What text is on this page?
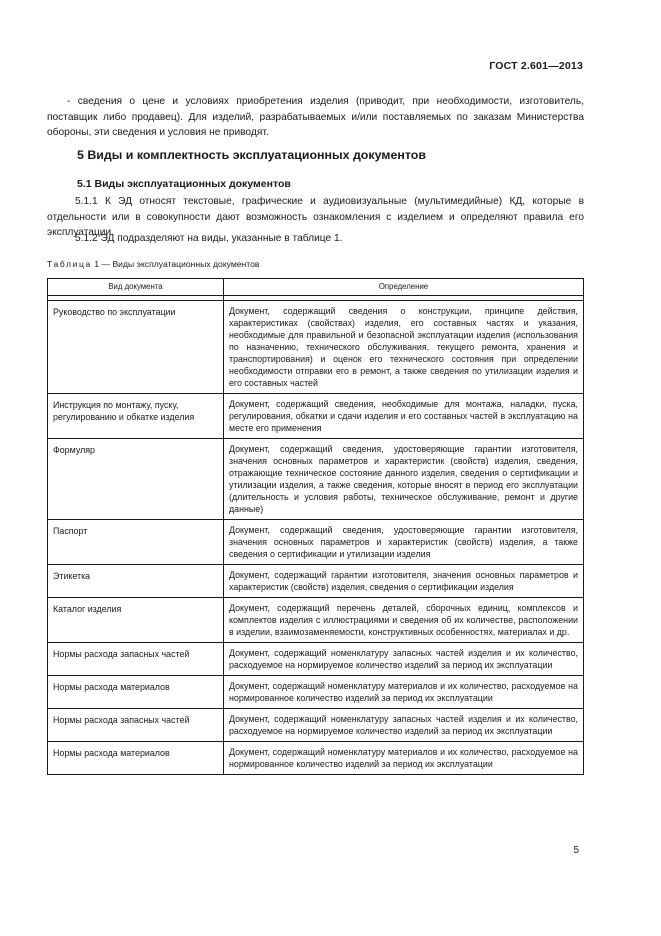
ГОСТ 2.601—2013
- сведения о цене и условиях приобретения изделия (приводит, при необходимости, изготовитель, поставщик либо продавец). Для изделий, разрабатываемых и/или поставляемых по заказам Министерства обороны, эти сведения и условия не приводят.
5 Виды и комплектность эксплуатационных документов
5.1 Виды эксплуатационных документов
5.1.1 К ЭД относят текстовые, графические и аудиовизуальные (мультимедийные) КД, которые в отдельности или в совокупности дают возможность ознакомления с изделием и определяют правила его эксплуатации.
5.1.2 ЭД подразделяют на виды, указанные в таблице 1.
Таблица 1 — Виды эксплуатационных документов
Вид документа	Определение

Руководство по эксплуатации	Документ, содержащий сведения о конструкции, принципе действия, характеристиках (свойствах) изделия, его составных частях и указания, необходимые для правильной и безопасной эксплуатации изделия (использования по назначению, технического обслуживания, текущего ремонта, хранения и транспортирования) и оценок его технического состояния при определении необходимости отправки его в ремонт, а также сведения по утилизации изделия и его составных частей
Инструкция по монтажу, пуску, регулированию и обкатке изделия	Документ, содержащий сведения, необходимые для монтажа, наладки, пуска, регулирования, обкатки и сдачи изделия и его составных частей в эксплуатацию на месте его применения
Формуляр	Документ, содержащий сведения, удостоверяющие гарантии изготовителя, значения основных параметров и характеристик (свойств) изделия, сведения, отражающие техническое состояние данного изделия, сведения о сертификации и утилизации изделия, а также сведения, которые вносят в период его эксплуатации (длительность и условия работы, техническое обслуживание, ремонт и другие данные)
Паспорт	Документ, содержащий сведения, удостоверяющие гарантии изготовителя, значения основных параметров и характеристик (свойств) изделия, а также сведения о сертификации и утилизации изделия
Этикетка	Документ, содержащий гарантии изготовителя, значения основных параметров и характеристик (свойств) изделия, сведения о сертификации изделия
Каталог изделия	Документ, содержащий перечень деталей, сборочных единиц, комплексов и комплектов изделия с иллюстрациями и сведения об их количестве, расположении в изделии, взаимозаменяемости, конструктивных особенностях, материалах и др.
Нормы расхода запасных частей	Документ, содержащий номенклатуру запасных частей изделия и их количество, расходуемое на нормируемое количество изделий за период их эксплуатации
Нормы расхода материалов	Документ, содержащий номенклатуру материалов и их количество, расходуемое на нормированное количество изделий за период их эксплуатации
Нормы расхода запасных частей	Документ, содержащий номенклатуру запасных частей изделия и их количество, расходуемое на нормируемое количество изделий за период их эксплуатации
Нормы расхода материалов	Документ, содержащий номенклатуру материалов и их количество, расходуемое на нормированное количество изделий за период их эксплуатации
5
